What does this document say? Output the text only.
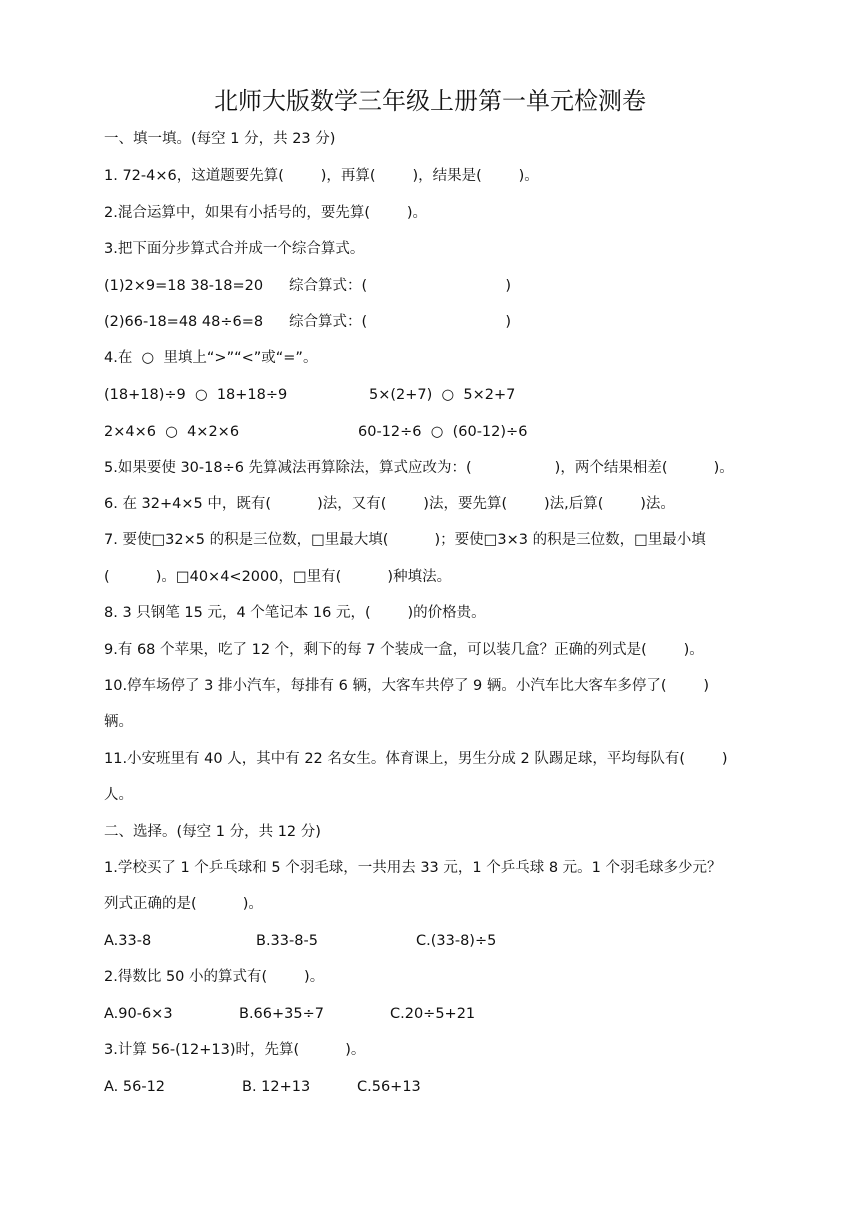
北师大版数学三年级上册第一单元检测卷
一、填一填。(每空 1 分，共 23 分)
1. 72-4×6，这道题要先算(        )，再算(        )，结果是(        )。
2.混合运算中，如果有小括号的，要先算(        )。
3.把下面分步算式合并成一个综合算式。
(1)2×9=18 38-18=20 综合算式：(                              )
(2)66-18=48 48÷6=8 综合算式：(                              )
4.在  ○  里填上“>”“<”或“=”。
(18+18)÷9  ○  18+18÷9	5×(2+7)  ○  5×2+7
2×4×6  ○  4×2×6	60-12÷6  ○  (60-12)÷6
5.如果要使 30-18÷6 先算减法再算除法，算式应改为：(                  )，两个结果相差(          )。
6. 在 32+4×5 中，既有(          )法，又有(        )法，要先算(        )法,后算(        )法。
7. 要使□32×5 的积是三位数，□里最大填(          )；要使□3×3 的积是三位数，□里最小填
(          )。□40×4<2000，□里有(          )种填法。
8. 3 只钢笔 15 元，4 个笔记本 16 元，(        )的价格贵。
9.有 68 个苹果，吃了 12 个，剩下的每 7 个装成一盒，可以装几盒？正确的列式是(        )。
10.停车场停了 3 排小汽车，每排有 6 辆，大客车共停了 9 辆。小汽车比大客车多停了(        )
辆。
11.小安班里有 40 人，其中有 22 名女生。体育课上，男生分成 2 队踢足球，平均每队有(        )
人。
二、选择。(每空 1 分，共 12 分)
1.学校买了 1 个乒乓球和 5 个羽毛球，一共用去 33 元，1 个乒乓球 8 元。1 个羽毛球多少元？
列式正确的是(          )。
A.33-8	B.33-8-5	C.(33-8)÷5
2.得数比 50 小的算式有(        )。
A.90-6×3	B.66+35÷7	C.20÷5+21
3.计算 56-(12+13)时，先算(          )。
A. 56-12	B. 12+13	C.56+13
